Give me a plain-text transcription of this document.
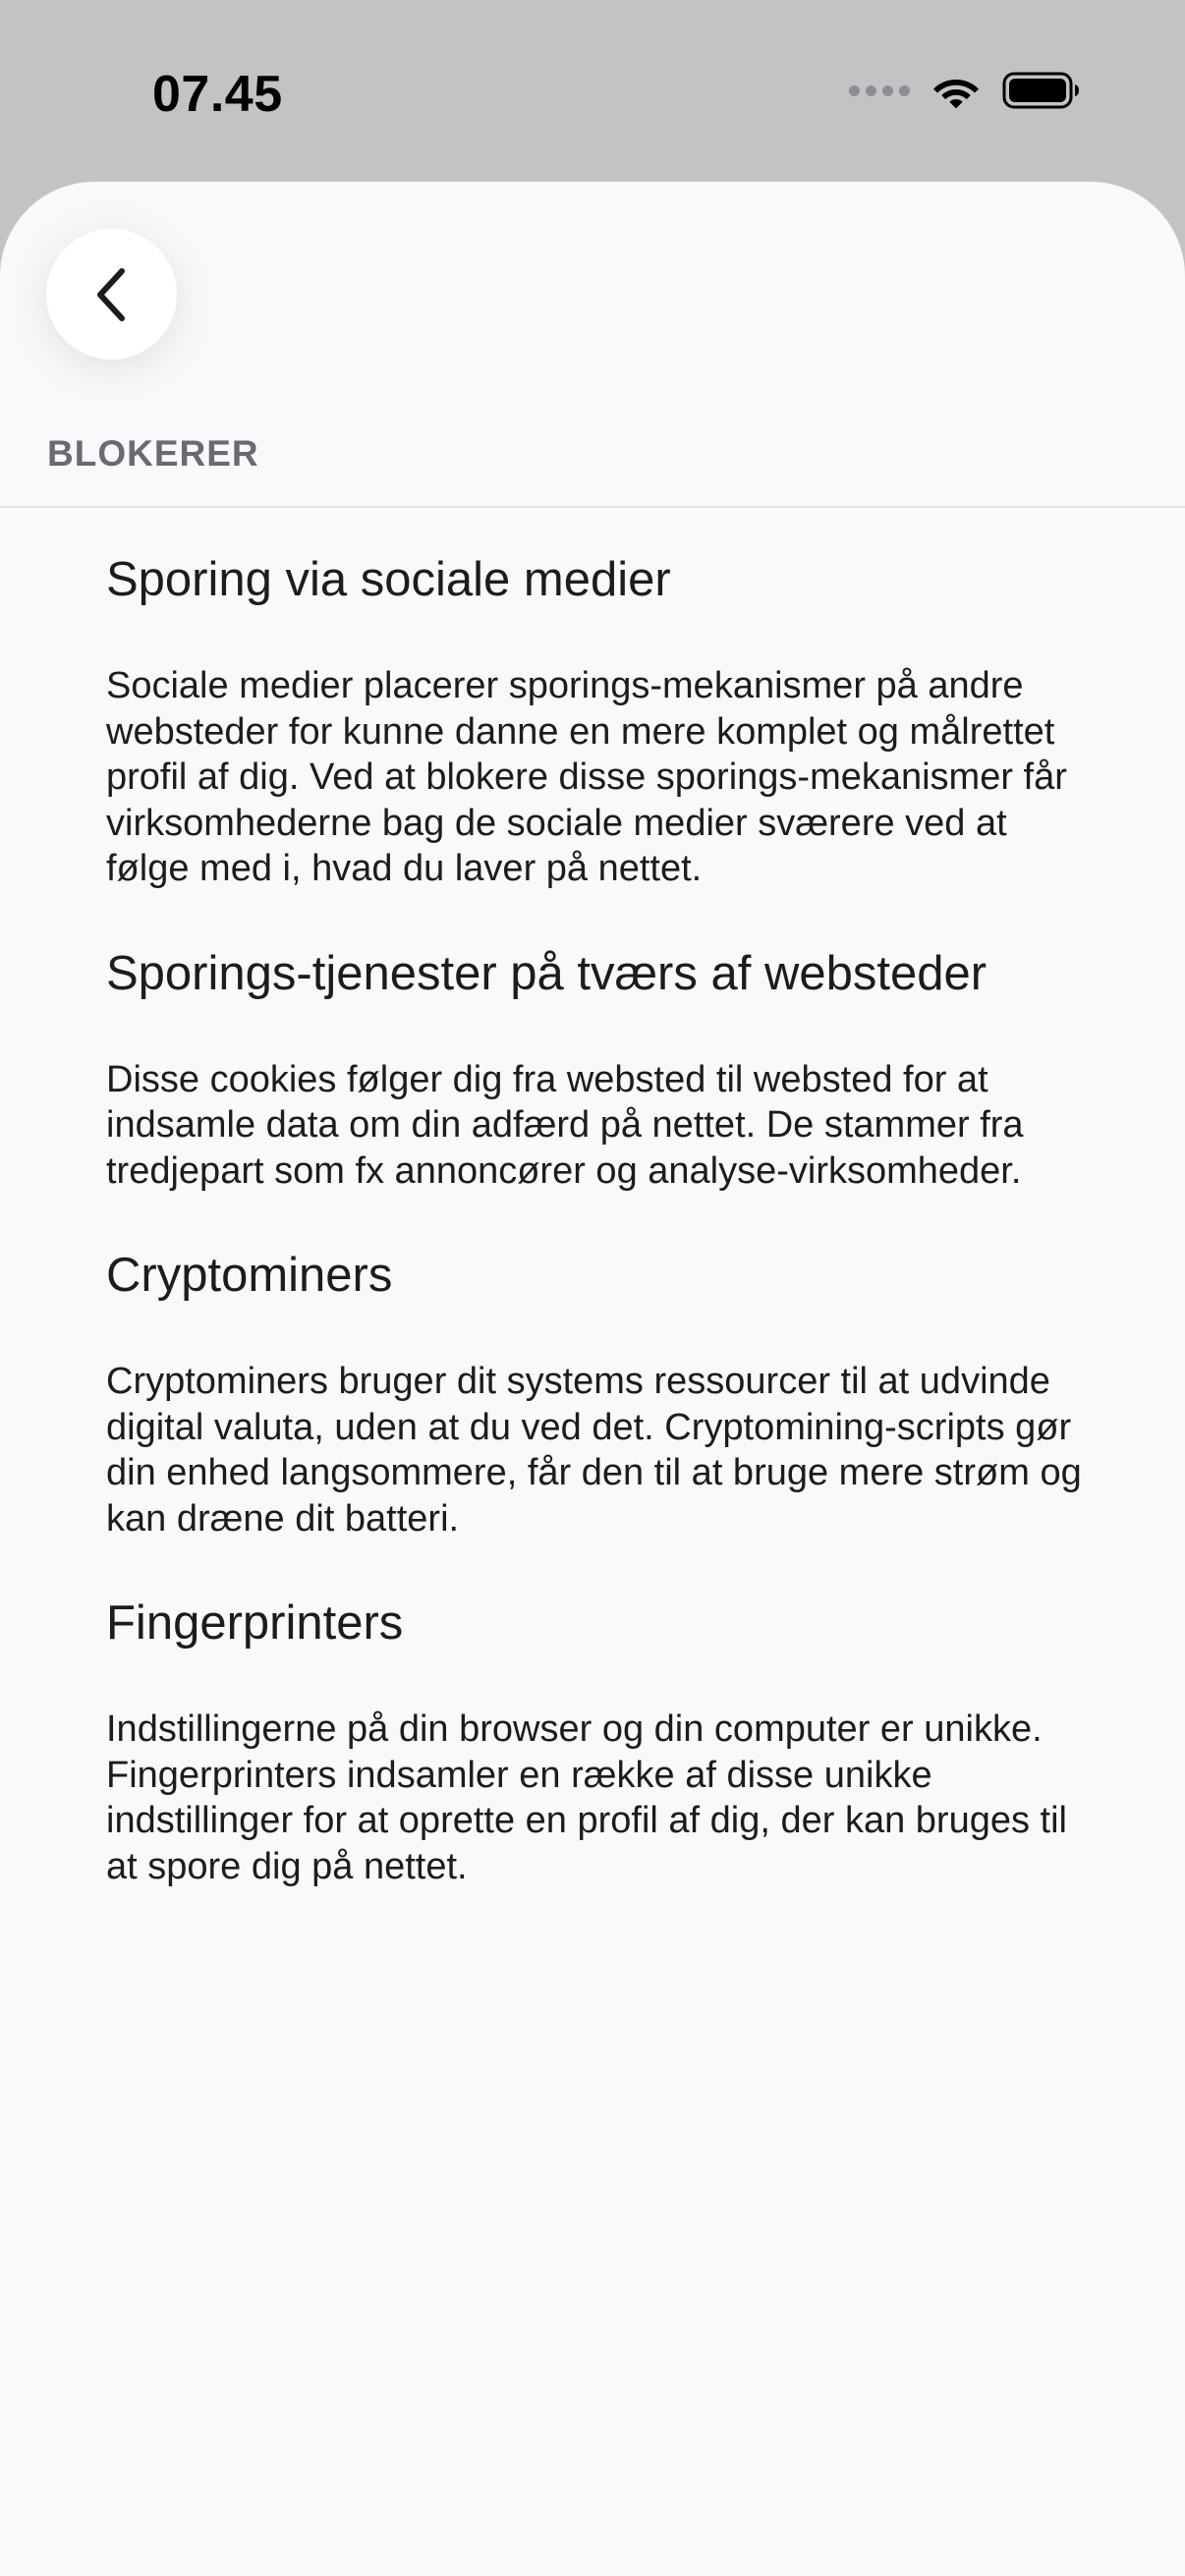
07.45
BLOKERER
Sporing via sociale medier
Sociale medier placerer sporings-mekanismer på andre websteder for kunne danne en mere komplet og målrettet profil af dig. Ved at blokere disse sporings-mekanismer får virksomhederne bag de sociale medier sværere ved at følge med i, hvad du laver på nettet.
Sporings-tjenester på tværs af websteder
Disse cookies følger dig fra websted til websted for at indsamle data om din adfærd på nettet. De stammer fra tredjepart som fx annoncører og analyse-virksomheder.
Cryptominers
Cryptominers bruger dit systems ressourcer til at udvinde digital valuta, uden at du ved det. Cryptomining-scripts gør din enhed langsommere, får den til at bruge mere strøm og kan dræne dit batteri.
Fingerprinters
Indstillingerne på din browser og din computer er unikke. Fingerprinters indsamler en række af disse unikke indstillinger for at oprette en profil af dig, der kan bruges til at spore dig på nettet.
